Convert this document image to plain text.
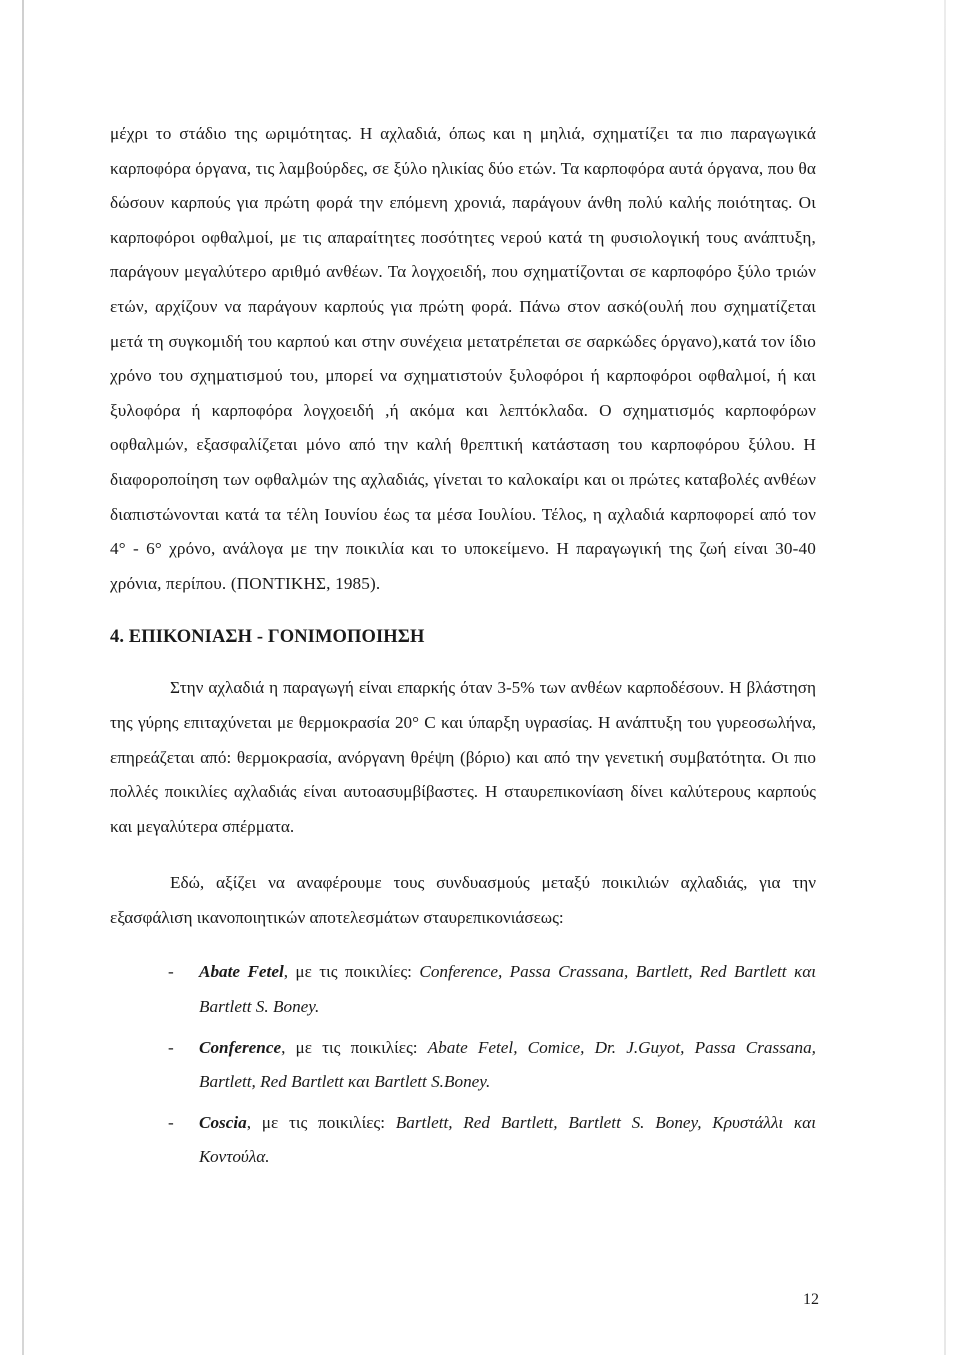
μέχρι το στάδιο της ωριμότητας. Η αχλαδιά, όπως και η μηλιά, σχηματίζει τα πιο παραγωγικά καρποφόρα όργανα, τις λαμβούρδες, σε ξύλο ηλικίας δύο ετών. Τα καρποφόρα αυτά όργανα, που θα δώσουν καρπούς για πρώτη φορά την επόμενη χρονιά, παράγουν άνθη πολύ καλής ποιότητας. Οι καρποφόροι οφθαλμοί, με τις απαραίτητες ποσότητες νερού κατά τη φυσιολογική τους ανάπτυξη, παράγουν μεγαλύτερο αριθμό ανθέων. Τα λογχοειδή, που σχηματίζονται σε καρποφόρο ξύλο τριών ετών, αρχίζουν να παράγουν καρπούς για πρώτη φορά. Πάνω στον ασκό(ουλή που σχηματίζεται μετά τη συγκομιδή του καρπού και στην συνέχεια μετατρέπεται σε σαρκώδες όργανο),κατά τον ίδιο χρόνο του σχηματισμού του, μπορεί να σχηματιστούν ξυλοφόροι ή καρποφόροι οφθαλμοί, ή και ξυλοφόρα ή καρποφόρα λογχοειδή ,ή ακόμα και λεπτόκλαδα. Ο σχηματισμός καρποφόρων οφθαλμών, εξασφαλίζεται μόνο από την καλή θρεπτική κατάσταση του καρποφόρου ξύλου. Η διαφοροποίηση των οφθαλμών της αχλαδιάς, γίνεται το καλοκαίρι και οι πρώτες καταβολές ανθέων διαπιστώνονται κατά τα τέλη Ιουνίου έως τα μέσα Ιουλίου. Τέλος, η αχλαδιά καρποφορεί από τον 4° - 6° χρόνο, ανάλογα με την ποικιλία και το υποκείμενο. Η παραγωγική της ζωή είναι 30-40 χρόνια, περίπου. (ΠΟΝΤΙΚΗΣ, 1985).

4. ΕΠΙΚΟΝΙΑΣΗ - ΓΟΝΙΜΟΠΟΙΗΣΗ

Στην αχλαδιά η παραγωγή είναι επαρκής όταν 3-5% των ανθέων καρποδέσουν. Η βλάστηση της γύρης επιταχύνεται με θερμοκρασία 20° C και ύπαρξη υγρασίας. Η ανάπτυξη του γυρεοσωλήνα, επηρεάζεται από: θερμοκρασία, ανόργανη θρέψη (βόριο) και από την γενετική συμβατότητα. Οι πιο πολλές ποικιλίες αχλαδιάς είναι αυτοασυμβίβαστες. Η σταυρεπικονίαση δίνει καλύτερους καρπούς και μεγαλύτερα σπέρματα.

Εδώ, αξίζει να αναφέρουμε τους συνδυασμούς μεταξύ ποικιλιών αχλαδιάς, για την εξασφάλιση ικανοποιητικών αποτελεσμάτων σταυρεπικονιάσεως:

- Abate Fetel, με τις ποικιλίες: Conference, Passa Crassana, Bartlett, Red Bartlett και Bartlett S. Boney.
- Conference, με τις ποικιλίες: Abate Fetel, Comice, Dr. J.Guyot, Passa Crassana, Bartlett, Red Bartlett και Bartlett S.Boney.
- Coscia, με τις ποικιλίες: Bartlett, Red Bartlett, Bartlett S. Boney, Κρυστάλλι και Κοντούλα.
12
